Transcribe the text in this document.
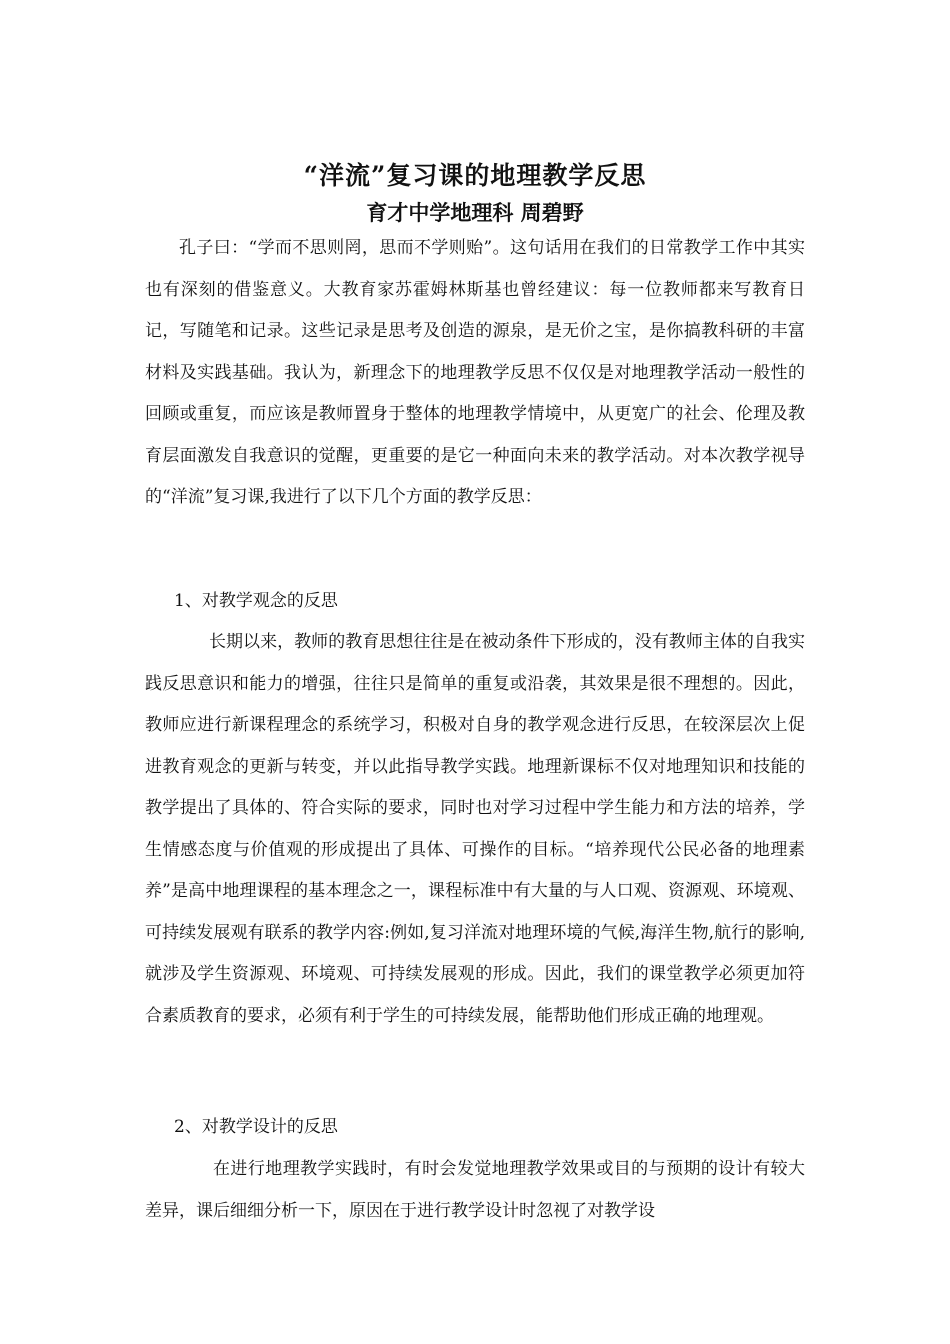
“洋流”复习课的地理教学反思
育才中学地理科 周碧野

孔子曰：“学而不思则罔，思而不学则贻”。这句话用在我们的日常教学工作中其实也有深刻的借鉴意义。大教育家苏霍姆林斯基也曾经建议：每一位教师都来写教育日记，写随笔和记录。这些记录是思考及创造的源泉，是无价之宝，是你搞教科研的丰富材料及实践基础。我认为，新理念下的地理教学反思不仅仅是对地理教学活动一般性的回顾或重复，而应该是教师置身于整体的地理教学情境中，从更宽广的社会、伦理及教育层面激发自我意识的觉醒，更重要的是它一种面向未来的教学活动。对本次教学视导的“洋流”复习课,我进行了以下几个方面的教学反思：

1、对教学观念的反思

长期以来，教师的教育思想往往是在被动条件下形成的，没有教师主体的自我实践反思意识和能力的增强，往往只是简单的重复或沿袭，其效果是很不理想的。因此，教师应进行新课程理念的系统学习，积极对自身的教学观念进行反思，在较深层次上促进教育观念的更新与转变，并以此指导教学实践。地理新课标不仅对地理知识和技能的教学提出了具体的、符合实际的要求，同时也对学习过程中学生能力和方法的培养，学生情感态度与价值观的形成提出了具体、可操作的目标。“培养现代公民必备的地理素养”是高中地理课程的基本理念之一，课程标准中有大量的与人口观、资源观、环境观、可持续发展观有联系的教学内容:例如,复习洋流对地理环境的气候,海洋生物,航行的影响,就涉及学生资源观、环境观、可持续发展观的形成。因此，我们的课堂教学必须更加符合素质教育的要求，必须有利于学生的可持续发展，能帮助他们形成正确的地理观。

2、对教学设计的反思

在进行地理教学实践时，有时会发觉地理教学效果或目的与预期的设计有较大差异，课后细细分析一下，原因在于进行教学设计时忽视了对教学设
